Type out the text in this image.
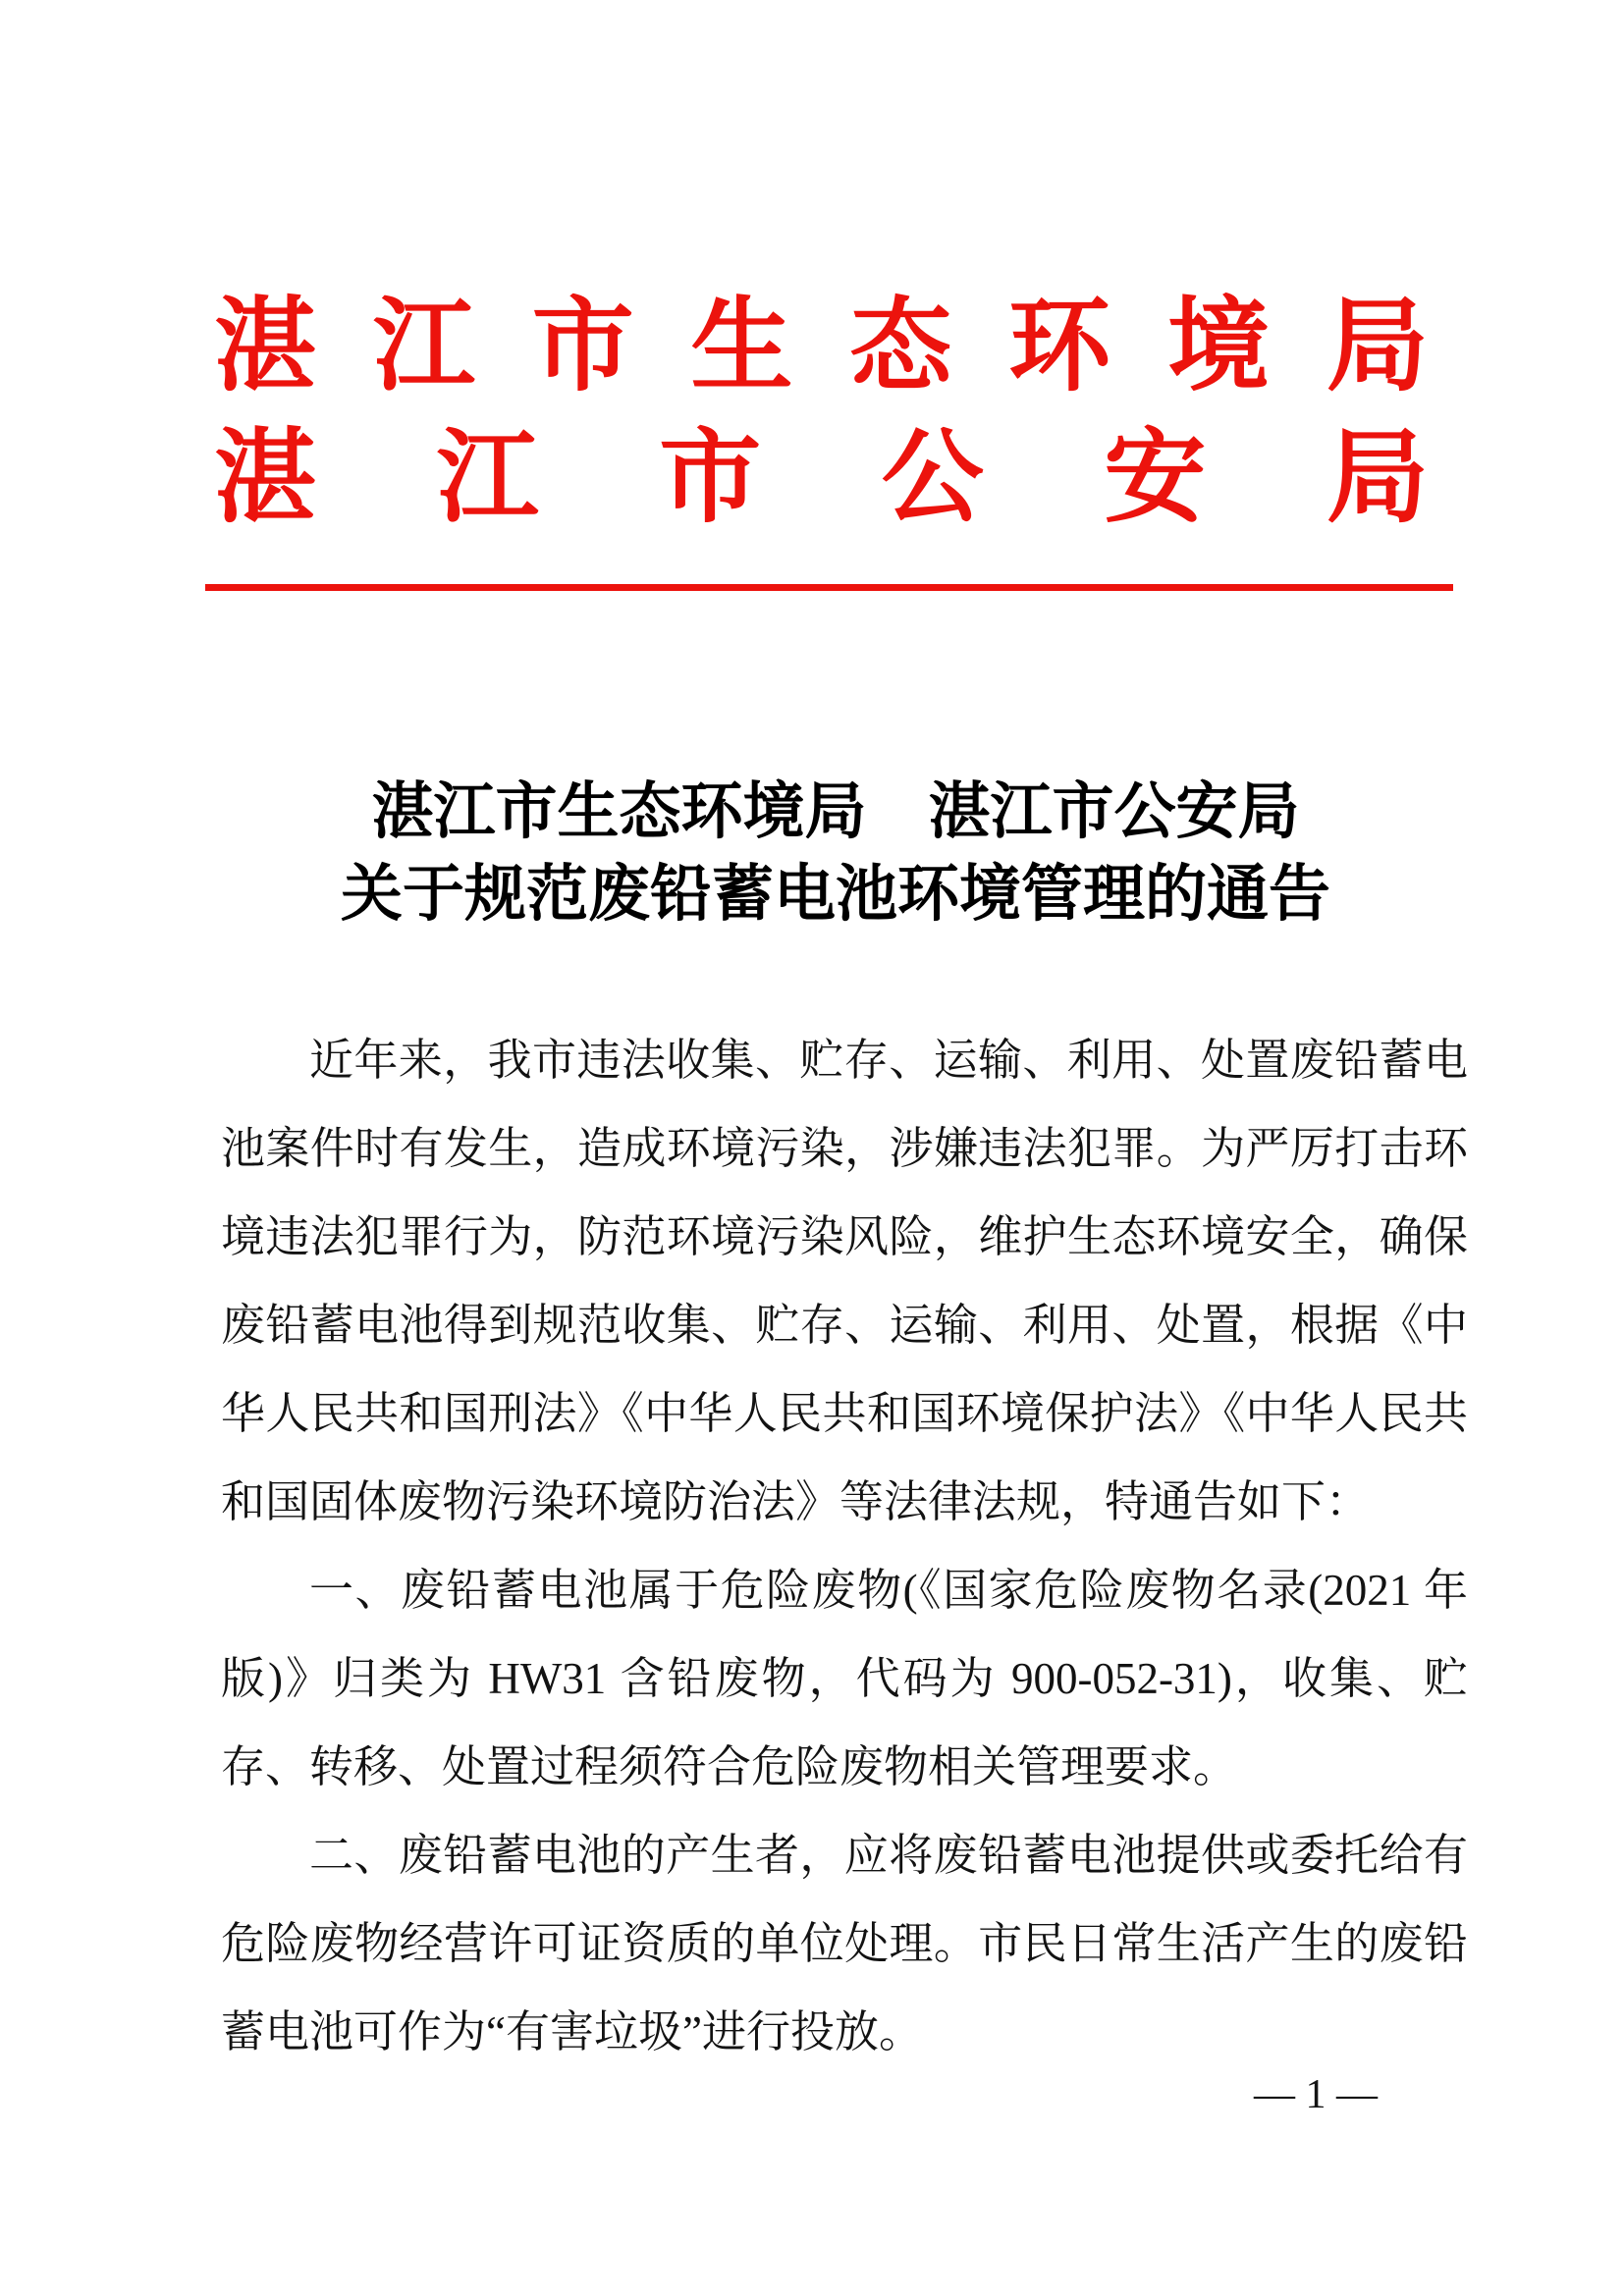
湛 江 市 生 态 环 境 局
湛 江 市 公 安 局
湛江市生态环境局　湛江市公安局
关于规范废铅蓄电池环境管理的通告

近年来，我市违法收集、贮存、运输、利用、处置废铅蓄电池案件时有发生，造成环境污染，涉嫌违法犯罪。为严厉打击环境违法犯罪行为，防范环境污染风险，维护生态环境安全，确保废铅蓄电池得到规范收集、贮存、运输、利用、处置，根据《中华人民共和国刑法》《中华人民共和国环境保护法》《中华人民共和国固体废物污染环境防治法》等法律法规，特通告如下：

一、废铅蓄电池属于危险废物(《国家危险废物名录(2021 年版)》归类为 HW31 含铅废物，代码为 900-052-31)，收集、贮存、转移、处置过程须符合危险废物相关管理要求。

二、废铅蓄电池的产生者，应将废铅蓄电池提供或委托给有危险废物经营许可证资质的单位处理。市民日常生活产生的废铅蓄电池可作为“有害垃圾”进行投放。

— 1 —
